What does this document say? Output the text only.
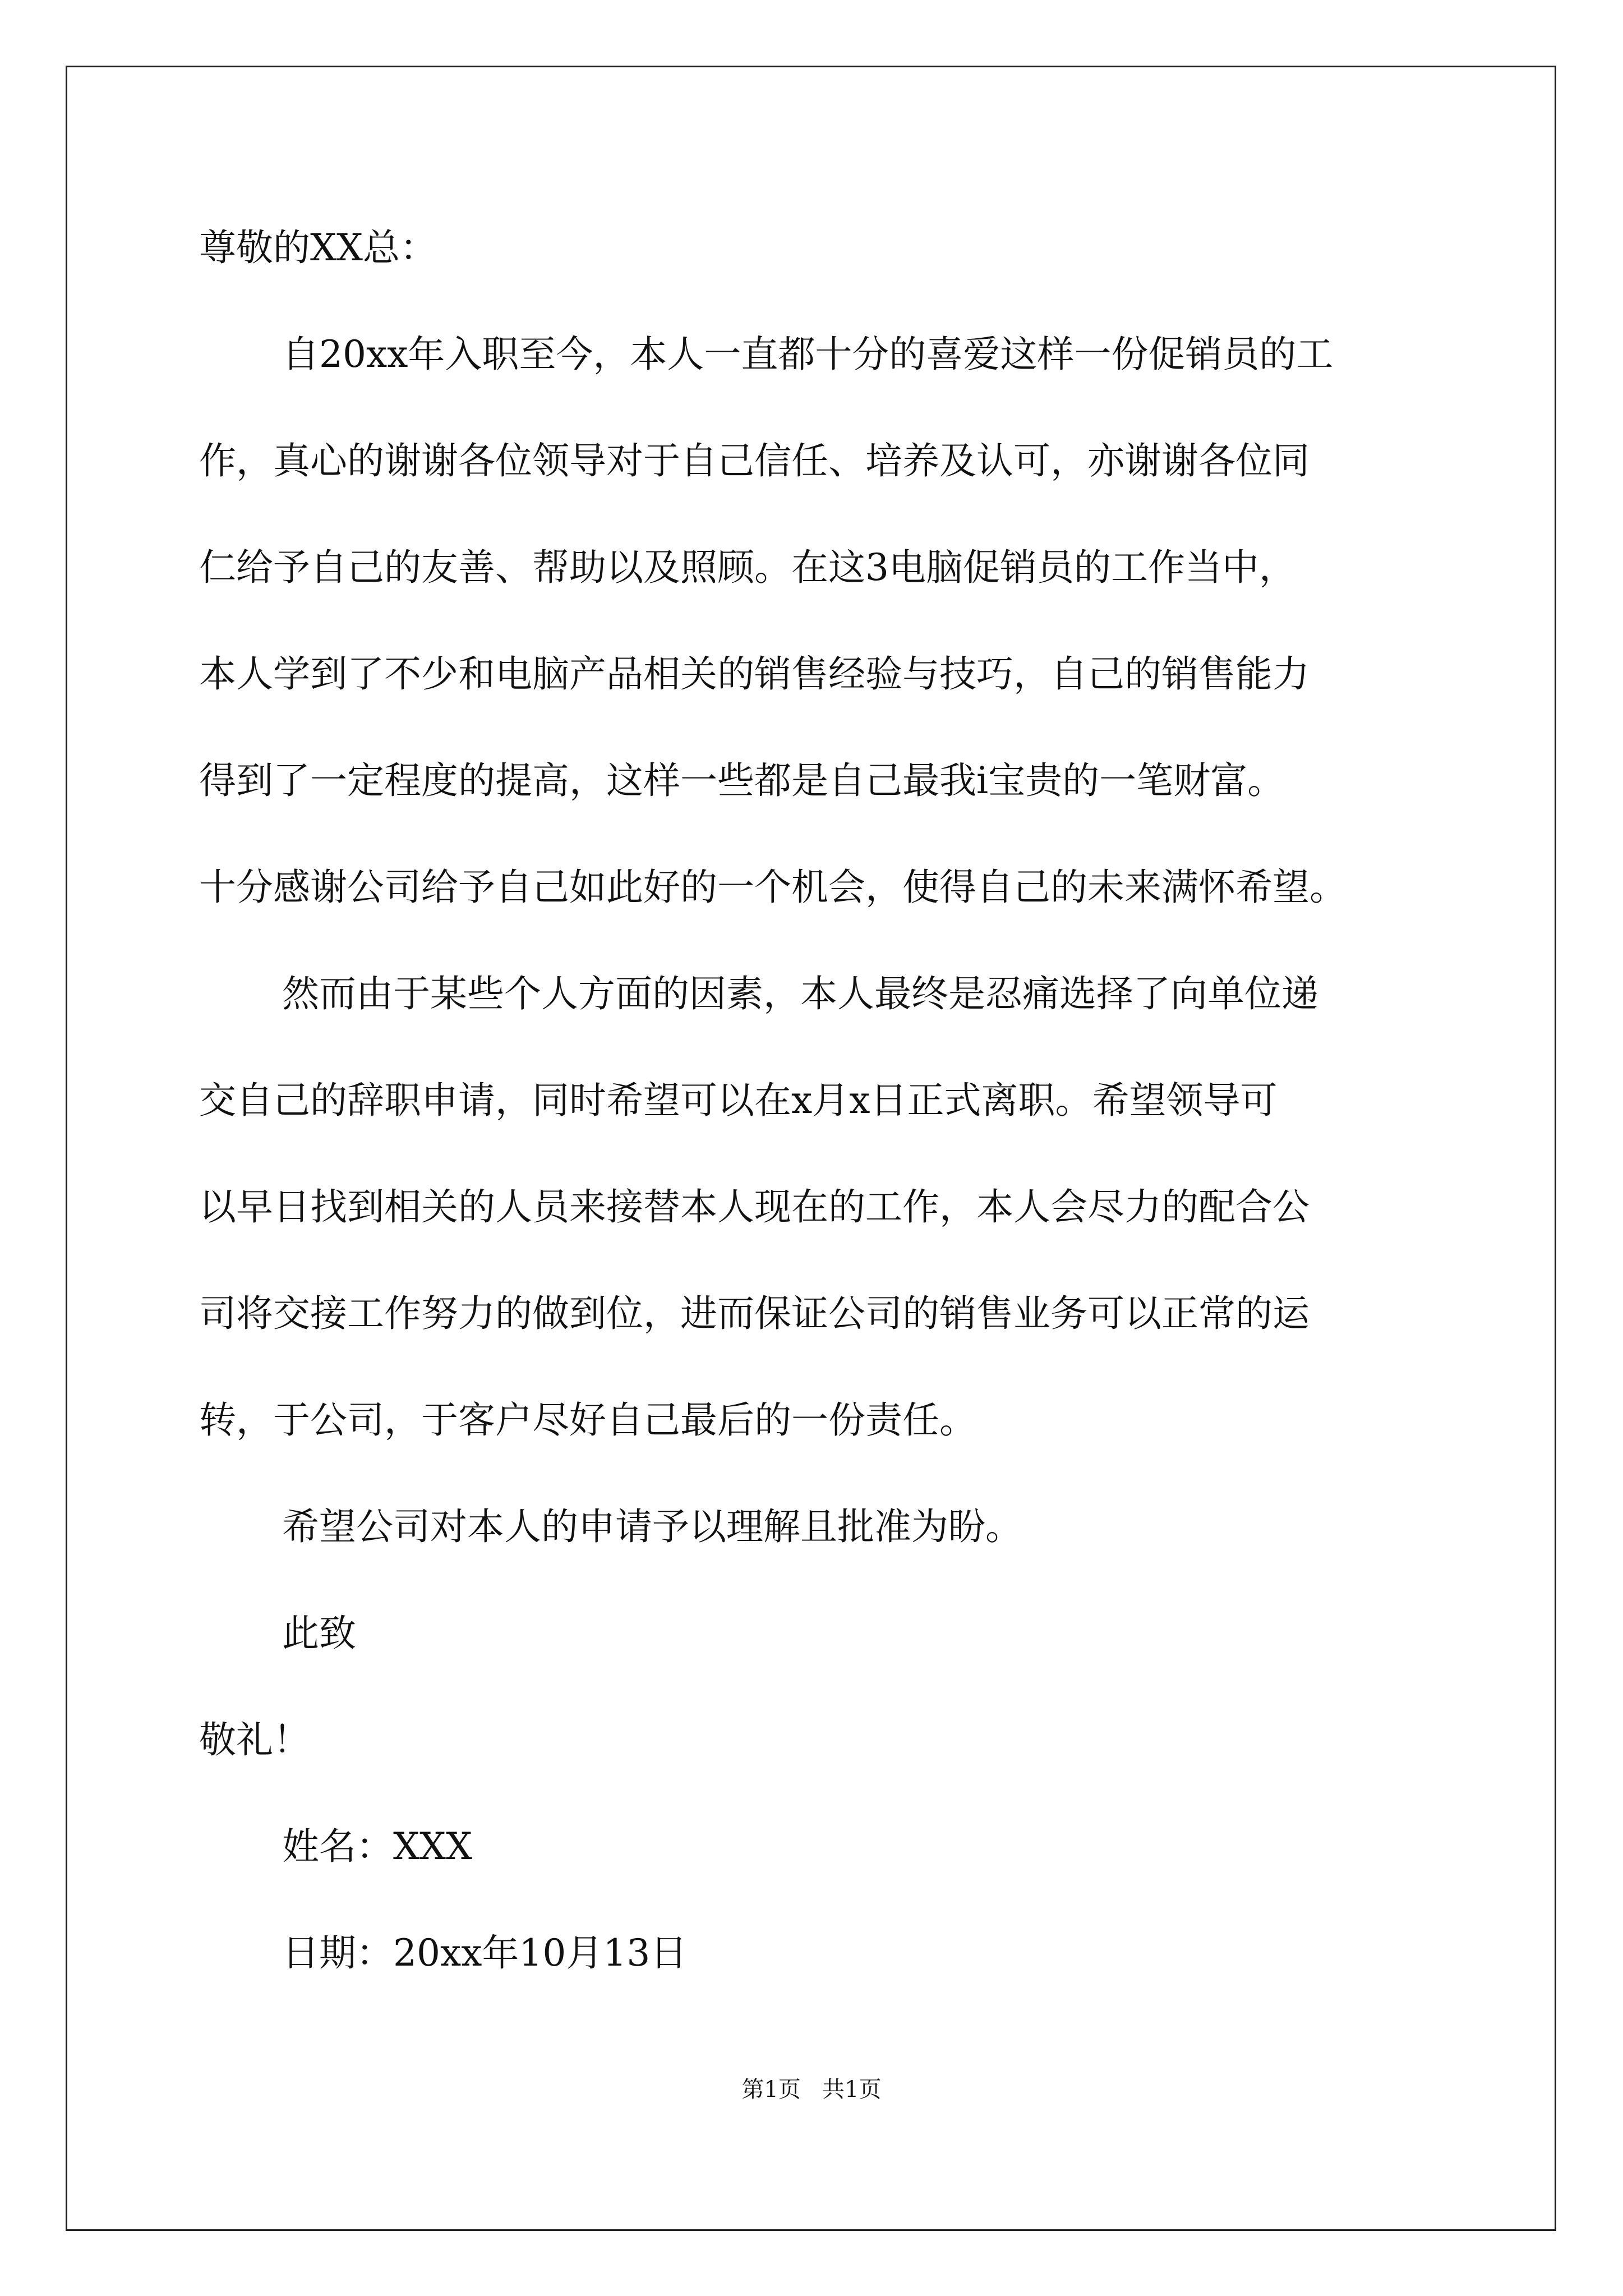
尊敬的XX总：
自20xx年入职至今，本人一直都十分的喜爱这样一份促销员的工
作，真心的谢谢各位领导对于自己信任、培养及认可，亦谢谢各位同
仁给予自己的友善、帮助以及照顾。在这3电脑促销员的工作当中，
本人学到了不少和电脑产品相关的销售经验与技巧，自己的销售能力
得到了一定程度的提高，这样一些都是自己最我i宝贵的一笔财富。
十分感谢公司给予自己如此好的一个机会，使得自己的未来满怀希望。
然而由于某些个人方面的因素，本人最终是忍痛选择了向单位递
交自己的辞职申请，同时希望可以在x月x日正式离职。希望领导可
以早日找到相关的人员来接替本人现在的工作，本人会尽力的配合公
司将交接工作努力的做到位，进而保证公司的销售业务可以正常的运
转，于公司，于客户尽好自己最后的一份责任。
希望公司对本人的申请予以理解且批准为盼。
此致
敬礼！
姓名：XXX
日期：20xx年10月13日
第1页   共1页
